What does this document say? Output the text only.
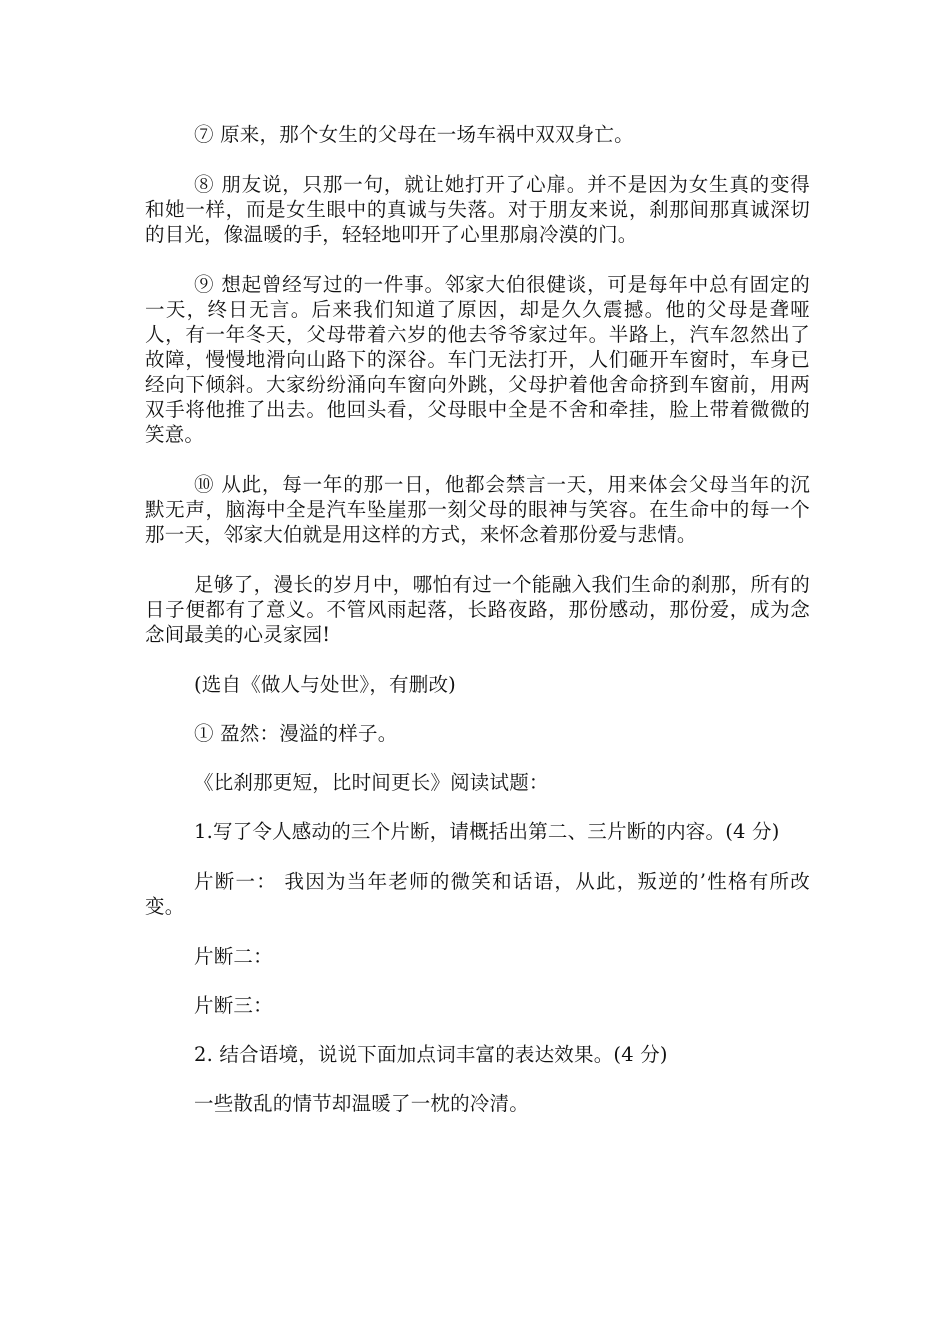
⑦ 原来，那个女生的父母在一场车祸中双双身亡。

⑧ 朋友说，只那一句，就让她打开了心扉。并不是因为女生真的变得和她一样，而是女生眼中的真诚与失落。对于朋友来说，刹那间那真诚深切的目光，像温暖的手，轻轻地叩开了心里那扇冷漠的门。

⑨ 想起曾经写过的一件事。邻家大伯很健谈，可是每年中总有固定的一天，终日无言。后来我们知道了原因，却是久久震撼。他的父母是聋哑人，有一年冬天，父母带着六岁的他去爷爷家过年。半路上，汽车忽然出了故障，慢慢地滑向山路下的深谷。车门无法打开，人们砸开车窗时，车身已经向下倾斜。大家纷纷涌向车窗向外跳，父母护着他舍命挤到车窗前，用两双手将他推了出去。他回头看，父母眼中全是不舍和牵挂，脸上带着微微的笑意。

⑩ 从此，每一年的那一日，他都会禁言一天，用来体会父母当年的沉默无声，脑海中全是汽车坠崖那一刻父母的眼神与笑容。在生命中的每一个那一天，邻家大伯就是用这样的方式，来怀念着那份爱与悲情。

足够了，漫长的岁月中，哪怕有过一个能融入我们生命的刹那，所有的日子便都有了意义。不管风雨起落，长路夜路，那份感动，那份爱，成为念念间最美的心灵家园!

(选自《做人与处世》，有删改)

① 盈然：漫溢的样子。

《比刹那更短，比时间更长》阅读试题：

1.写了令人感动的三个片断，请概括出第二、三片断的内容。(4 分)

片断一： 我因为当年老师的微笑和话语，从此，叛逆的’性格有所改变。

片断二：

片断三：

2. 结合语境，说说下面加点词丰富的表达效果。(4 分)

一些散乱的情节却温暖了一枕的冷清。
